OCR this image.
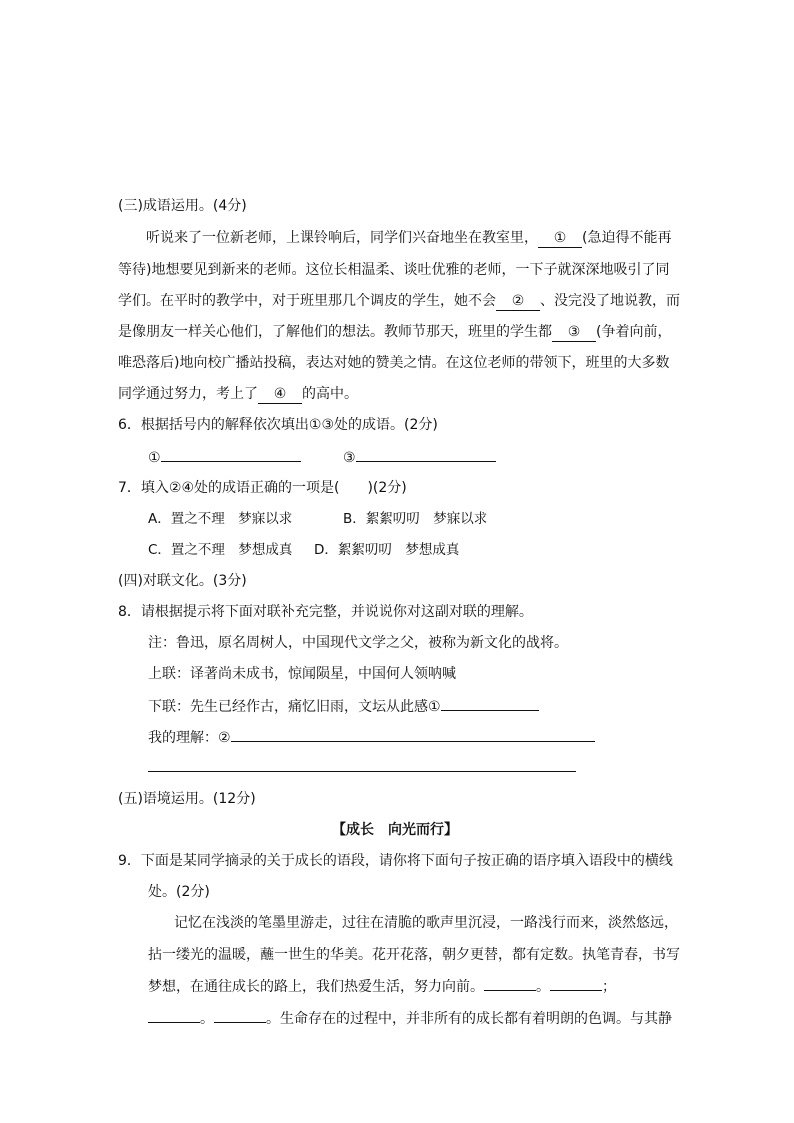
(三)成语运用。(4分)
听说来了一位新老师，上课铃响后，同学们兴奋地坐在教室里， ① (急迫得不能再
等待)地想要见到新来的老师。这位长相温柔、谈吐优雅的老师，一下子就深深地吸引了同
学们。在平时的教学中，对于班里那几个调皮的学生，她不会 ② 、没完没了地说教，而
是像朋友一样关心他们，了解他们的想法。教师节那天，班里的学生都 ③ (争着向前，
唯恐落后)地向校广播站投稿，表达对她的赞美之情。在这位老师的带领下，班里的大多数
同学通过努力，考上了 ④ 的高中。
6．根据括号内的解释依次填出①③处的成语。(2分)
①	③
7．填入②④处的成语正确的一项是(　　)(2分)
A．置之不理　梦寐以求	B．絮絮叨叨　梦寐以求
C．置之不理　梦想成真 D．絮絮叨叨　梦想成真
(四)对联文化。(3分)
8．请根据提示将下面对联补充完整，并说说你对这副对联的理解。
注：鲁迅，原名周树人，中国现代文学之父，被称为新文化的战将。
上联：译著尚未成书，惊闻陨星，中国何人领呐喊
下联：先生已经作古，痛忆旧雨，文坛从此感①
我的理解：②
(五)语境运用。(12分)
【成长　向光而行】
9．下面是某同学摘录的关于成长的语段，请你将下面句子按正确的语序填入语段中的横线
处。(2分)
记忆在浅淡的笔墨里游走，过往在清脆的歌声里沉浸，一路浅行而来，淡然悠远，
拈一缕光的温暖，蘸一世生的华美。花开花落，朝夕更替，都有定数。执笔青春，书写
梦想，在通往成长的路上，我们热爱生活，努力向前。	。	；
。	。生命存在的过程中，并非所有的成长都有着明朗的色调。与其静
